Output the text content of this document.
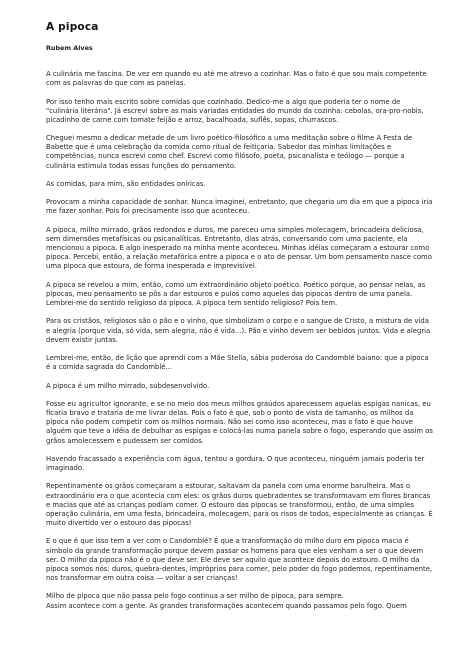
A pipoca
Rubem Alves

A culinária me fascina. De vez em quando eu até me atrevo a cozinhar. Mas o fato é que sou mais competente com as palavras do que com as panelas.

Por isso tenho mais escrito sobre comidas que cozinhado. Dedico-me a algo que poderia ter o nome de "culinária literária". Já escrevi sobre as mais variadas entidades do mundo da cozinha: cebolas, ora-pro-nobis, picadinho de carne com tomate feijão e arroz, bacalhoada, suflês, sopas, churrascos.

Cheguei mesmo a dedicar metade de um livro poético-filosófico a uma meditação sobre o filme A Festa de Babette que é uma celebração da comida como ritual de feitiçaria. Sabedor das minhas limitações e competências, nunca escrevi como chef. Escrevi como filósofo, poeta, psicanalista e teólogo — porque a culinária estimula todas essas funções do pensamento.

As comidas, para mim, são entidades oníricas.

Provocam a minha capacidade de sonhar. Nunca imaginei, entretanto, que chegaria um dia em que a pipoca iria me fazer sonhar. Pois foi precisamente isso que aconteceu.

A pipoca, milho mirrado, grãos redondos e duros, me pareceu uma simples molecagem, brincadeira deliciosa, sem dimensões metafísicas ou psicanalíticas. Entretanto, dias atrás, conversando com uma paciente, ela mencionou a pipoca. E algo inesperado na minha mente aconteceu. Minhas idéias começaram a estourar como pipoca. Percebi, então, a relação metafórica entre a pipoca e o ato de pensar. Um bom pensamento nasce como uma pipoca que estoura, de forma inesperada e imprevisível.

A pipoca se revelou a mim, então, como um extraordinário objeto poético. Poético porque, ao pensar nelas, as pipocas, meu pensamento se pôs a dar estouros e pulos como aqueles das pipocas dentro de uma panela. Lembrei-me do sentido religioso da pipoca. A pipoca tem sentido religioso? Pois tem.

Para os cristãos, religiosos são o pão e o vinho, que simbolizam o corpo e o sangue de Cristo, a mistura de vida e alegria (porque vida, só vida, sem alegria, não é vida...). Pão e vinho devem ser bebidos juntos. Vida e alegria devem existir juntas.

Lembrei-me, então, de lição que aprendi com a Mãe Stella, sábia poderosa do Candomblé baiano: que a pipoca é a comida sagrada do Candomblé...

A pipoca é um milho mirrado, subdesenvolvido.

Fosse eu agricultor ignorante, e se no meio dos meus milhos graúdos aparecessem aquelas espigas nanicas, eu ficaria bravo e trataria de me livrar delas. Pois o fato é que, sob o ponto de vista de tamanho, os milhos da pipoca não podem competir com os milhos normais. Não sei como isso aconteceu, mas o fato é que houve alguém que teve a idéia de debulhar as espigas e colocá-las numa panela sobre o fogo, esperando que assim os grãos amolecessem e pudessem ser comidos.

Havendo fracassado a experiência com água, tentou a gordura. O que aconteceu, ninguém jamais poderia ter imaginado.

Repentinamente os grãos começaram a estourar, saltavam da panela com uma enorme barulheira. Mas o extraordinário era o que acontecia com eles: os grãos duros quebradentes se transformavam em flores brancas e macias que até as crianças podiam comer. O estouro das pipocas se transformou, então, de uma simples operação culinária, em uma festa, brincadeira, molecagem, para os risos de todos, especialmente as crianças. É muito divertido ver o estouro das pipocas!

E o que é que isso tem a ver com o Candomblé? É que a transformação do milho duro em pipoca macia é símbolo da grande transformação porque devem passar os homens para que eles venham a ser o que devem ser. O milho da pipoca não é o que deve ser. Ele deve ser aquilo que acontece depois do estouro. O milho da pipoca somos nós: duros, quebra-dentes, impróprios para comer, pelo poder do fogo podemos, repentinamente, nos transformar em outra coisa — voltar a ser crianças!

Milho de pipoca que não passa pelo fogo continua a ser milho de pipoca, para sempre.

Assim acontece com a gente. As grandes transformações acontecem quando passamos pelo fogo. Quem
